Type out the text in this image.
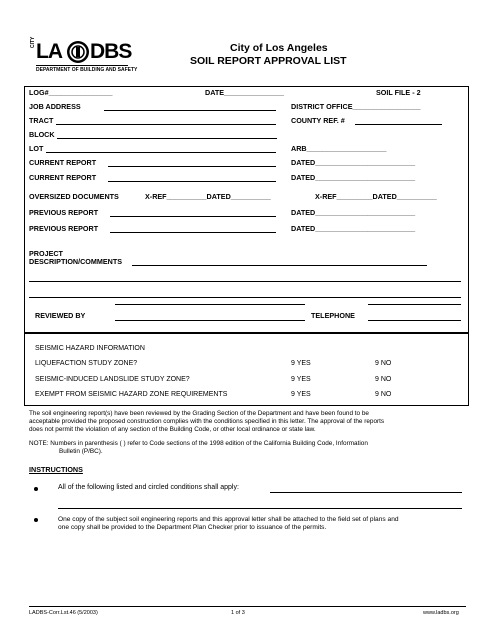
CITY LA DBS
DEPARTMENT OF BUILDING AND SAFETY
City of Los Angeles
SOIL REPORT APPROVAL LIST
LOG#________________	DATE_______________	SOIL FILE - 2
JOB ADDRESS	DISTRICT OFFICE_________________
TRACT	COUNTY REF. #
BLOCK
LOT	ARB____________________
CURRENT REPORT	DATED_________________________
CURRENT REPORT	DATED_________________________
OVERSIZED DOCUMENTS	X-REF__________DATED__________	X-REF_________DATED__________
PREVIOUS REPORT	DATED_________________________
PREVIOUS REPORT	DATED_________________________
PROJECT
DESCRIPTION/COMMENTS
REVIEWED BY	TELEPHONE
SEISMIC HAZARD INFORMATION
LIQUEFACTION STUDY ZONE?	9 YES	9 NO
SEISMIC-INDUCED LANDSLIDE STUDY ZONE?	9 YES	9 NO
EXEMPT FROM SEISMIC HAZARD ZONE REQUIREMENTS	9 YES	9 NO
The soil engineering report(s) have been reviewed by the Grading Section of the Department and have been found to be
acceptable provided the proposed construction complies with the conditions specified in this letter. The approval of the reports
does not permit the violation of any section of the Building Code, or other local ordinance or state law.
NOTE: Numbers in parenthesis ( ) refer to Code sections of the 1998 edition of the California Building Code, Information
Bulletin (P/BC).
INSTRUCTIONS
All of the following listed and circled conditions shall apply:
One copy of the subject soil engineering reports and this approval letter shall be attached to the field set of plans and
one copy shall be provided to the Department Plan Checker prior to issuance of the permits.
LADBS-Corr.Lst.46 (5/2003)	1 of 3	www.ladbs.org
